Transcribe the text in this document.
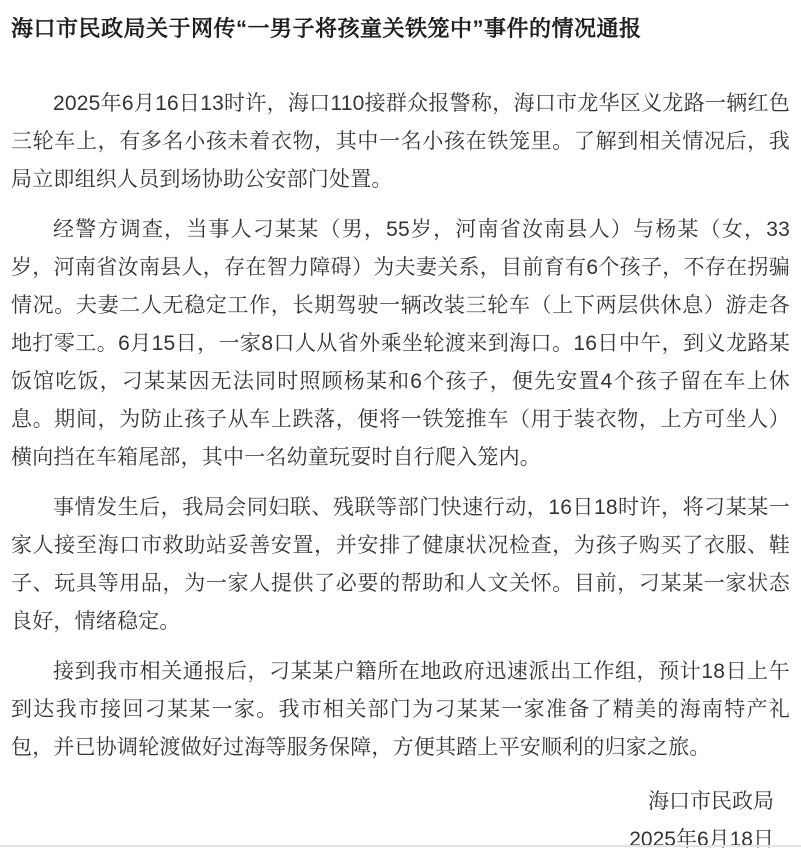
海口市民政局关于网传“一男子将孩童关铁笼中”事件的情况通报

2025年6月16日13时许，海口110接群众报警称，海口市龙华区义龙路一辆红色三轮车上，有多名小孩未着衣物，其中一名小孩在铁笼里。了解到相关情况后，我局立即组织人员到场协助公安部门处置。

经警方调查，当事人刁某某（男，55岁，河南省汝南县人）与杨某（女，33岁，河南省汝南县人，存在智力障碍）为夫妻关系，目前育有6个孩子，不存在拐骗情况。夫妻二人无稳定工作，长期驾驶一辆改装三轮车（上下两层供休息）游走各地打零工。6月15日，一家8口人从省外乘坐轮渡来到海口。16日中午，到义龙路某饭馆吃饭，刁某某因无法同时照顾杨某和6个孩子，便先安置4个孩子留在车上休息。期间，为防止孩子从车上跌落，便将一铁笼推车（用于装衣物，上方可坐人）横向挡在车箱尾部，其中一名幼童玩耍时自行爬入笼内。

事情发生后，我局会同妇联、残联等部门快速行动，16日18时许，将刁某某一家人接至海口市救助站妥善安置，并安排了健康状况检查，为孩子购买了衣服、鞋子、玩具等用品，为一家人提供了必要的帮助和人文关怀。目前，刁某某一家状态良好，情绪稳定。

接到我市相关通报后，刁某某户籍所在地政府迅速派出工作组，预计18日上午到达我市接回刁某某一家。我市相关部门为刁某某一家准备了精美的海南特产礼包，并已协调轮渡做好过海等服务保障，方便其踏上平安顺利的归家之旅。

海口市民政局
2025年6月18日
